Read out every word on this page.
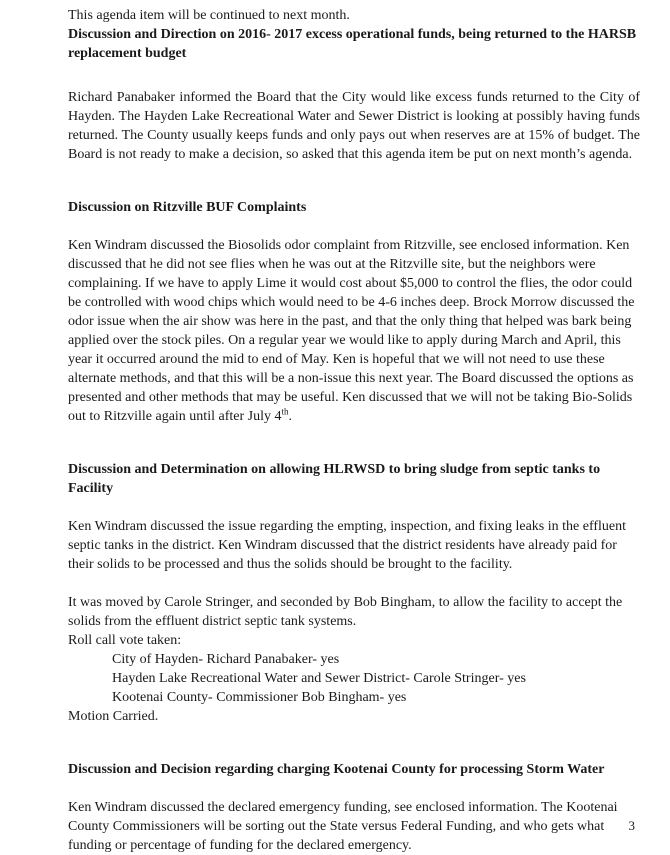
This agenda item will be continued to next month.

Discussion and Direction on 2016- 2017 excess operational funds, being returned to the HARSB replacement budget

Richard Panabaker informed the Board that the City would like excess funds returned to the City of Hayden. The Hayden Lake Recreational Water and Sewer District is looking at possibly having funds returned. The County usually keeps funds and only pays out when reserves are at 15% of budget. The Board is not ready to make a decision, so asked that this agenda item be put on next month’s agenda.

Discussion on Ritzville BUF Complaints

Ken Windram discussed the Biosolids odor complaint from Ritzville, see enclosed information. Ken discussed that he did not see flies when he was out at the Ritzville site, but the neighbors were complaining. If we have to apply Lime it would cost about $5,000 to control the flies, the odor could be controlled with wood chips which would need to be 4-6 inches deep. Brock Morrow discussed the odor issue when the air show was here in the past, and that the only thing that helped was bark being applied over the stock piles. On a regular year we would like to apply during March and April, this year it occurred around the mid to end of May. Ken is hopeful that we will not need to use these alternate methods, and that this will be a non-issue this next year. The Board discussed the options as presented and other methods that may be useful. Ken discussed that we will not be taking Bio-Solids out to Ritzville again until after July 4th.

Discussion and Determination on allowing HLRWSD to bring sludge from septic tanks to Facility

Ken Windram discussed the issue regarding the empting, inspection, and fixing leaks in the effluent septic tanks in the district. Ken Windram discussed that the district residents have already paid for their solids to be processed and thus the solids should be brought to the facility.

It was moved by Carole Stringer, and seconded by Bob Bingham, to allow the facility to accept the solids from the effluent district septic tank systems.

Roll call vote taken:

City of Hayden- Richard Panabaker- yes
Hayden Lake Recreational Water and Sewer District- Carole Stringer- yes
Kootenai County- Commissioner Bob Bingham- yes

Motion Carried.

Discussion and Decision regarding charging Kootenai County for processing Storm Water

Ken Windram discussed the declared emergency funding, see enclosed information. The Kootenai County Commissioners will be sorting out the State versus Federal Funding, and who gets what funding or percentage of funding for the declared emergency.

3
